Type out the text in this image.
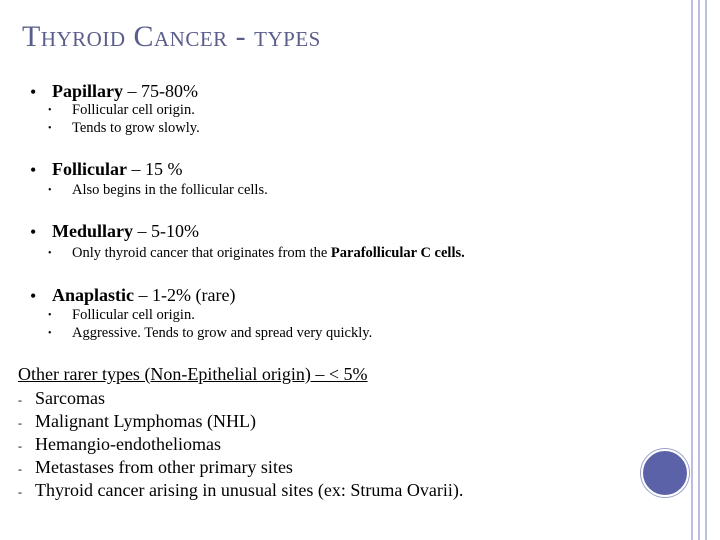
Thyroid Cancer - types
• Papillary – 75-80%
• Follicular cell origin.
• Tends to grow slowly.
• Follicular – 15 %
• Also begins in the follicular cells.
• Medullary – 5-10%
• Only thyroid cancer that originates from the Parafollicular C cells.
• Anaplastic – 1-2% (rare)
• Follicular cell origin.
• Aggressive. Tends to grow and spread very quickly.
Other rarer types (Non-Epithelial origin) – < 5%
- Sarcomas
- Malignant Lymphomas (NHL)
- Hemangio-endotheliomas
- Metastases from other primary sites
- Thyroid cancer arising in unusual sites (ex: Struma Ovarii).
